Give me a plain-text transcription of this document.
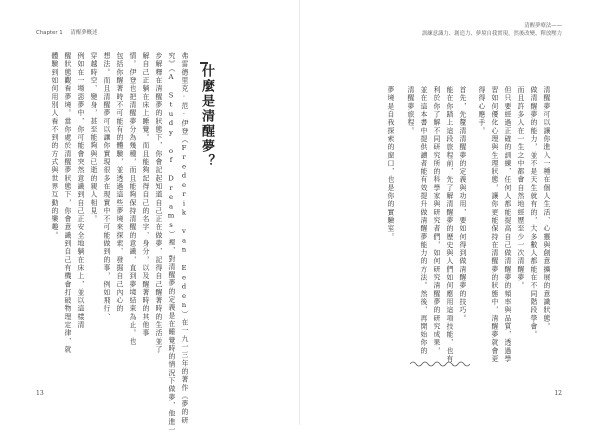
Chapter 1 清醒夢概述
什麼是清醒夢？

弗雷德里克·范·伊登（Frederik van Eeden）在一九一三年的著作《夢的研

究》（A Study of Dreams）裡，對清醒夢的定義是在睡覺時的情況下做夢，他進一

步解釋在清醒夢的狀態下，你會記起知道自己正在做夢，記得自己醒著時的生活並了

解自己正躺在床上睡覺。而且能夠記得自己的名字、身分，以及醒著時的其他事

情。伊登也把清醒夢分為幾種，而且能夠保持清醒的意識，直到夢境結束為止。也

包括你醒著時不可能有的體驗，並透過這些夢境來探索、發掘自己內心的

想法。而且清醒夢可以讓你實現很多在現實中不可能做到的事，例如飛行、

穿越時空、變身，甚至能夠與已逝的親人相見。

例如在一場惡夢中，你可能會突然意識到自己正安全地躺在床上，並以這樣清

醒狀態觀看夢境。當你處於清醒夢狀態下，你會意識到自己有機會打破物理定律，就

體驗到如何用別人看不到的方式與世界互動的樂趣。

13
清醒夢療法——
訓練意識力、創造力、夢境自我實現，然後改變、釋放壓力

清醒夢可以讓你進入一種在個人生活、心靈與創意擴展的意識狀態。

做清醒夢的能力，並不是天生就有的，大多數人都能在不同階段學會。

而且許多人在一生之中都會自然地經歷至少一次清醒夢。

但只要經過正確的訓練，任何人都能提高自己做清醒夢的頻率與品質，透過學

習如何優化心理與生理狀態，讓你更能保持在清醒夢的狀態中，清醒夢就會更

得得心應手。

首先，先釐清清醒夢的定義與功用，要如何得到做清醒夢的技巧。

能在你踏上這段旅程前，先了解清醒夢的歷史與人們如何應用這項技能，也有

利於你了解不同研究所的科學家與研究者們，如何研究清醒夢的研究成果，

並在這本書中提供讀者能有效提升做清醒夢能力的方法。然後，再開始你的

清醒夢旅程。

夢境是自我探索的窗口，也是你的實驗室。

12
